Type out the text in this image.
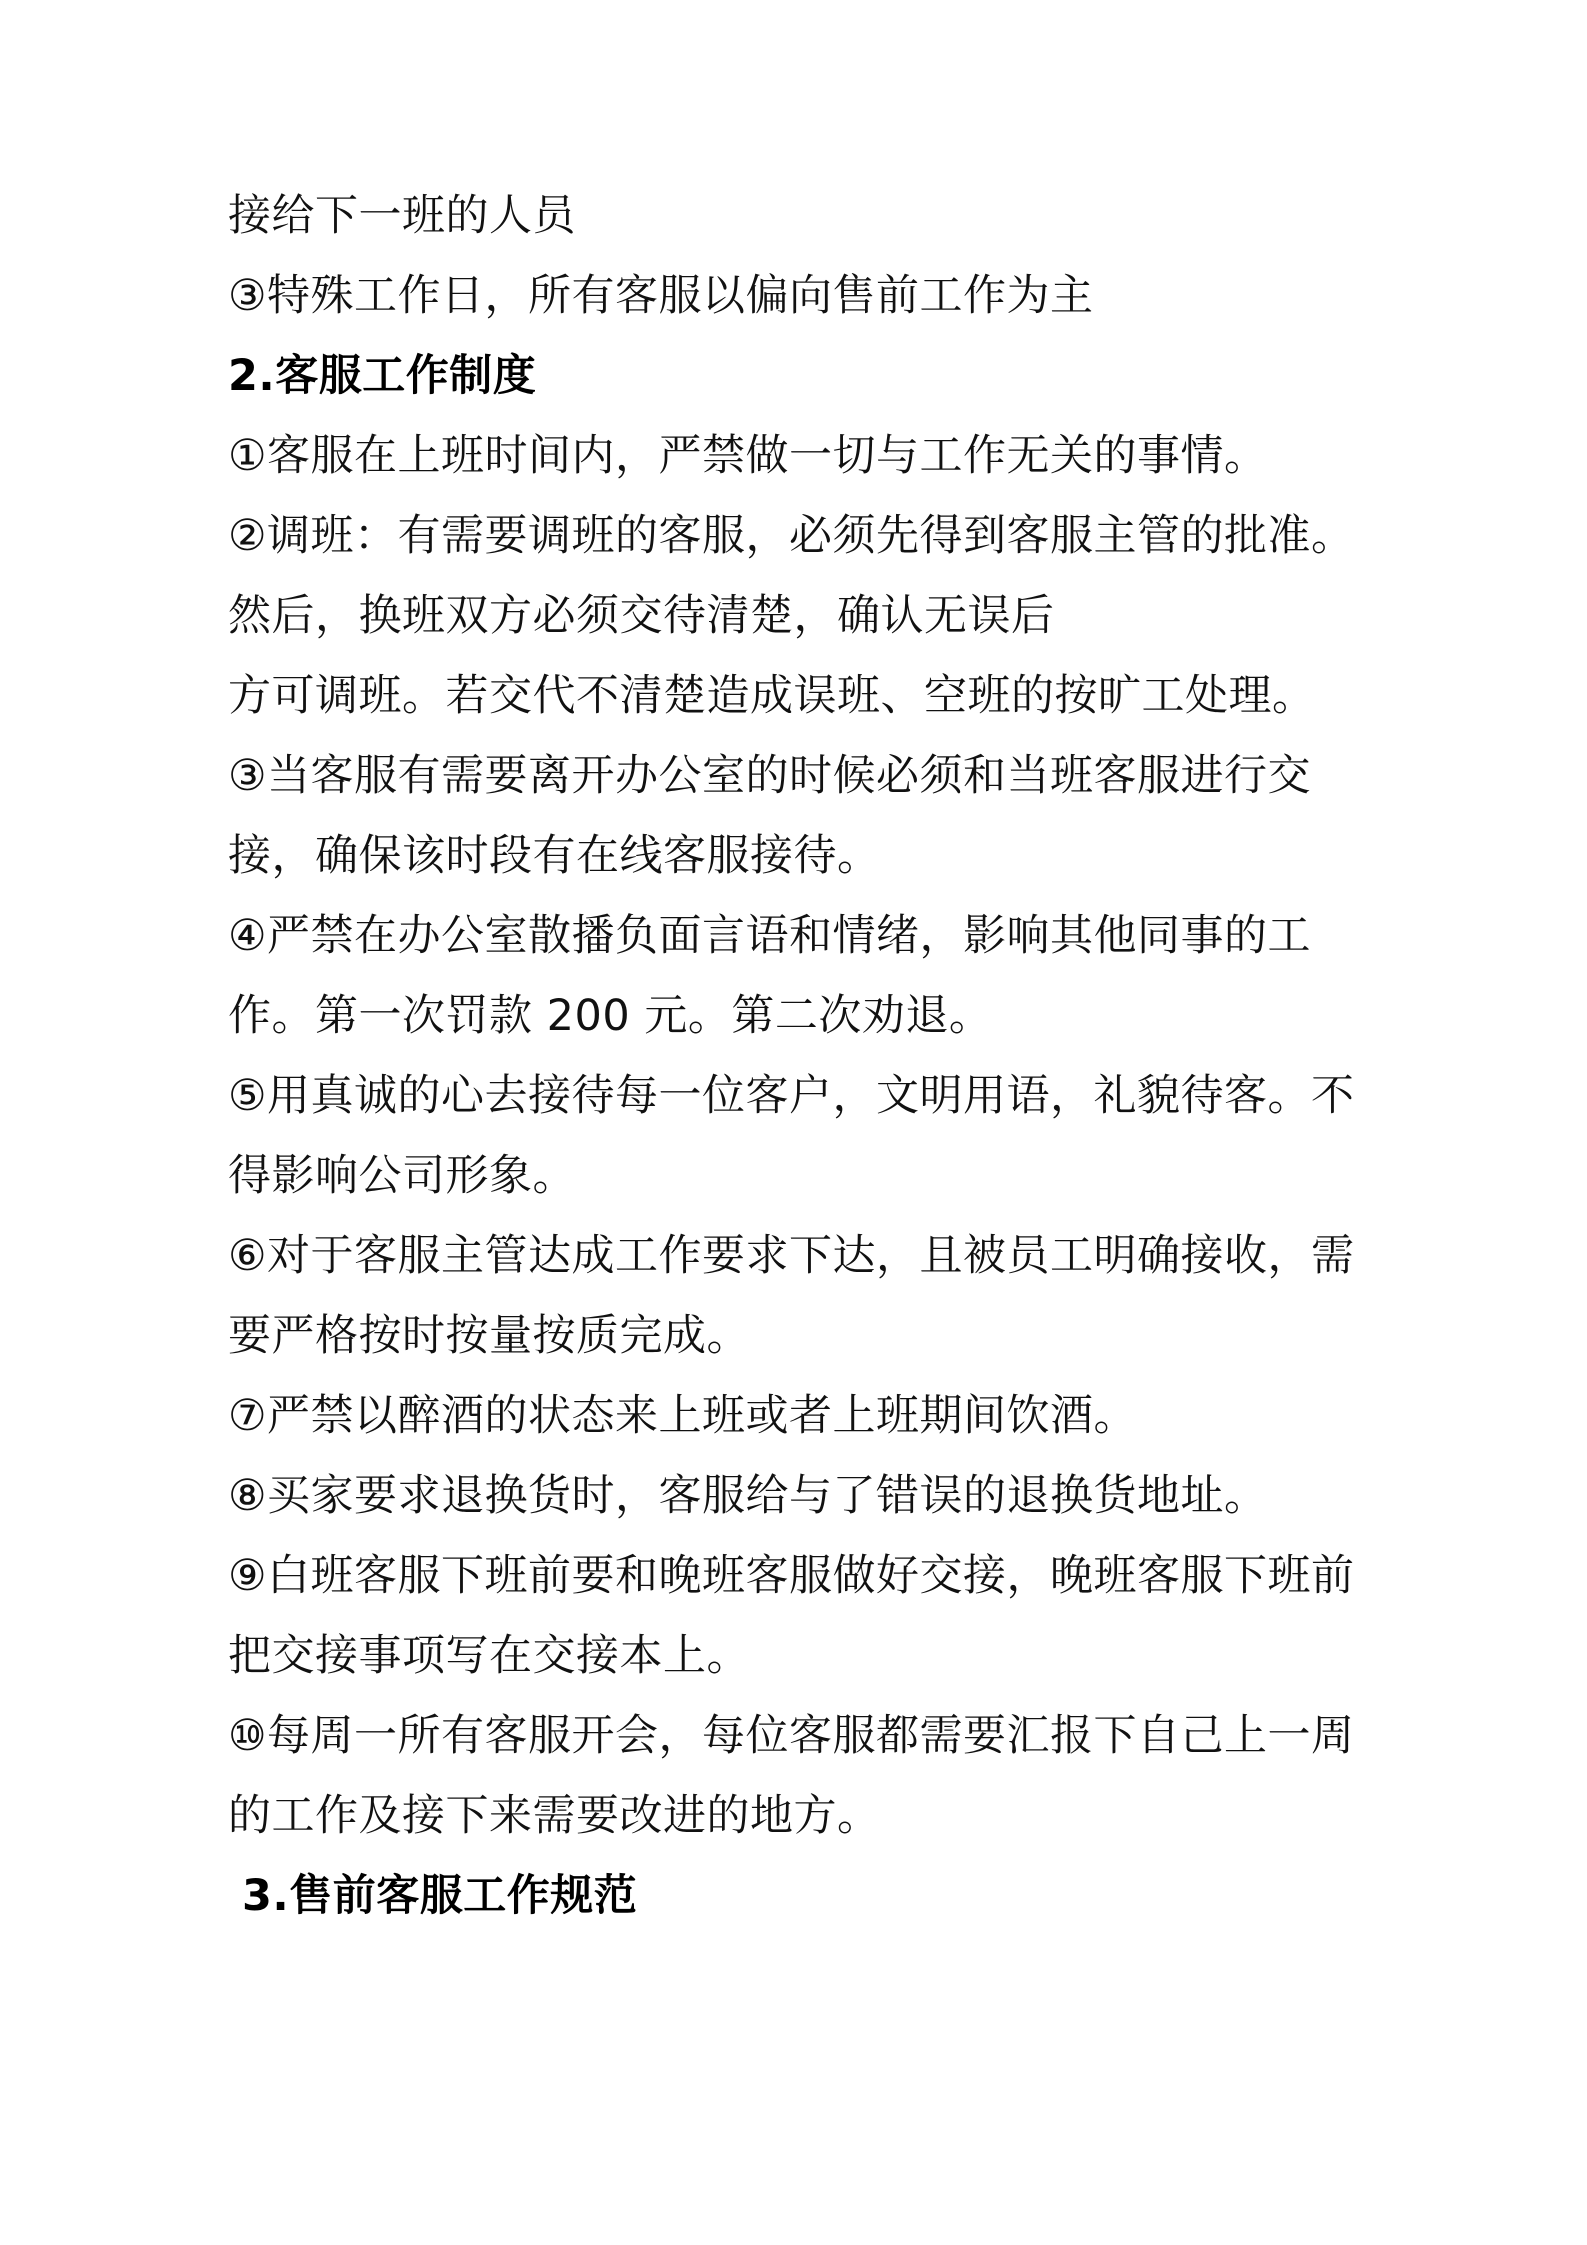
接给下一班的人员

③特殊工作日，所有客服以偏向售前工作为主

2.客服工作制度

①客服在上班时间内，严禁做一切与工作无关的事情。

②调班：有需要调班的客服，必须先得到客服主管的批准。然后，换班双方必须交待清楚，确认无误后

方可调班。若交代不清楚造成误班、空班的按旷工处理。

③当客服有需要离开办公室的时候必须和当班客服进行交接，确保该时段有在线客服接待。

④严禁在办公室散播负面言语和情绪，影响其他同事的工作。第一次罚款 200 元。第二次劝退。

⑤用真诚的心去接待每一位客户，文明用语，礼貌待客。不得影响公司形象。

⑥对于客服主管达成工作要求下达，且被员工明确接收，需要严格按时按量按质完成。

⑦严禁以醉酒的状态来上班或者上班期间饮酒。

⑧买家要求退换货时，客服给与了错误的退换货地址。

⑨白班客服下班前要和晚班客服做好交接，晚班客服下班前把交接事项写在交接本上。

⑩每周一所有客服开会，每位客服都需要汇报下自己上一周的工作及接下来需要改进的地方。

3.售前客服工作规范
